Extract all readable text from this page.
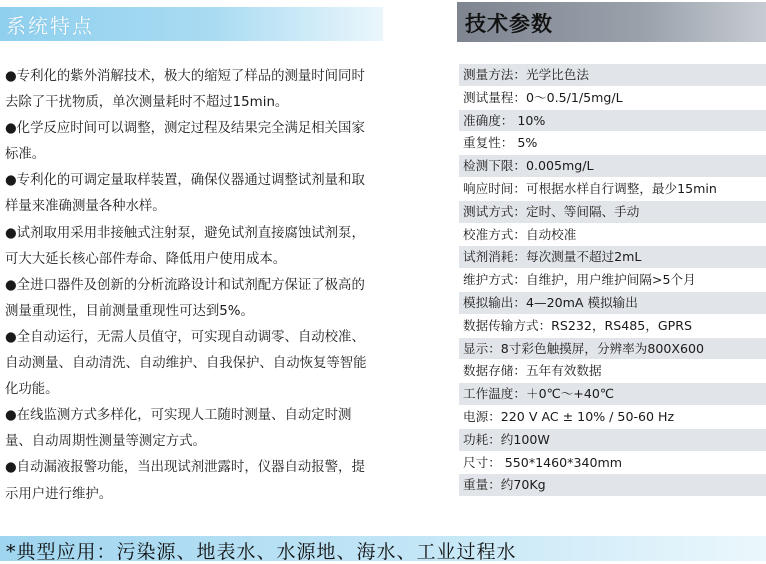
系统特点	技术参数
●专利化的紫外消解技术，极大的缩短了样品的测量时间同时去除了干扰物质，单次测量耗时不超过15min。
●化学反应时间可以调整，测定过程及结果完全满足相关国家标准。
●专利化的可调定量取样装置，确保仪器通过调整试剂量和取样量来准确测量各种水样。
●试剂取用采用非接触式注射泵，避免试剂直接腐蚀试剂泵，可大大延长核心部件寿命、降低用户使用成本。
●全进口器件及创新的分析流路设计和试剂配方保证了极高的测量重现性，目前测量重现性可达到5%。
●全自动运行，无需人员值守，可实现自动调零、自动校准、自动测量、自动清洗、自动维护、自我保护、自动恢复等智能化功能。
●在线监测方式多样化，可实现人工随时测量、自动定时测量、自动周期性测量等测定方式。
●自动漏液报警功能，当出现试剂泄露时，仪器自动报警，提示用户进行维护。
测量方法：光学比色法
测试量程：0～0.5/1/5mg/L
准确度： 10%
重复性： 5%
检测下限：0.005mg/L
响应时间：可根据水样自行调整，最少15min
测试方式：定时、等间隔、手动
校准方式：自动校准
试剂消耗：每次测量不超过2mL
维护方式：自维护，用户维护间隔>5个月
模拟输出：4—20mA 模拟输出
数据传输方式：RS232，RS485，GPRS
显示：8寸彩色触摸屏，分辨率为800X600
数据存储：五年有效数据
工作温度：＋0℃～+40℃
电源：220 V AC ± 10% / 50-60 Hz
功耗：约100W
尺寸： 550*1460*340mm
重量：约70Kg
*典型应用：污染源、地表水、水源地、海水、工业过程水
